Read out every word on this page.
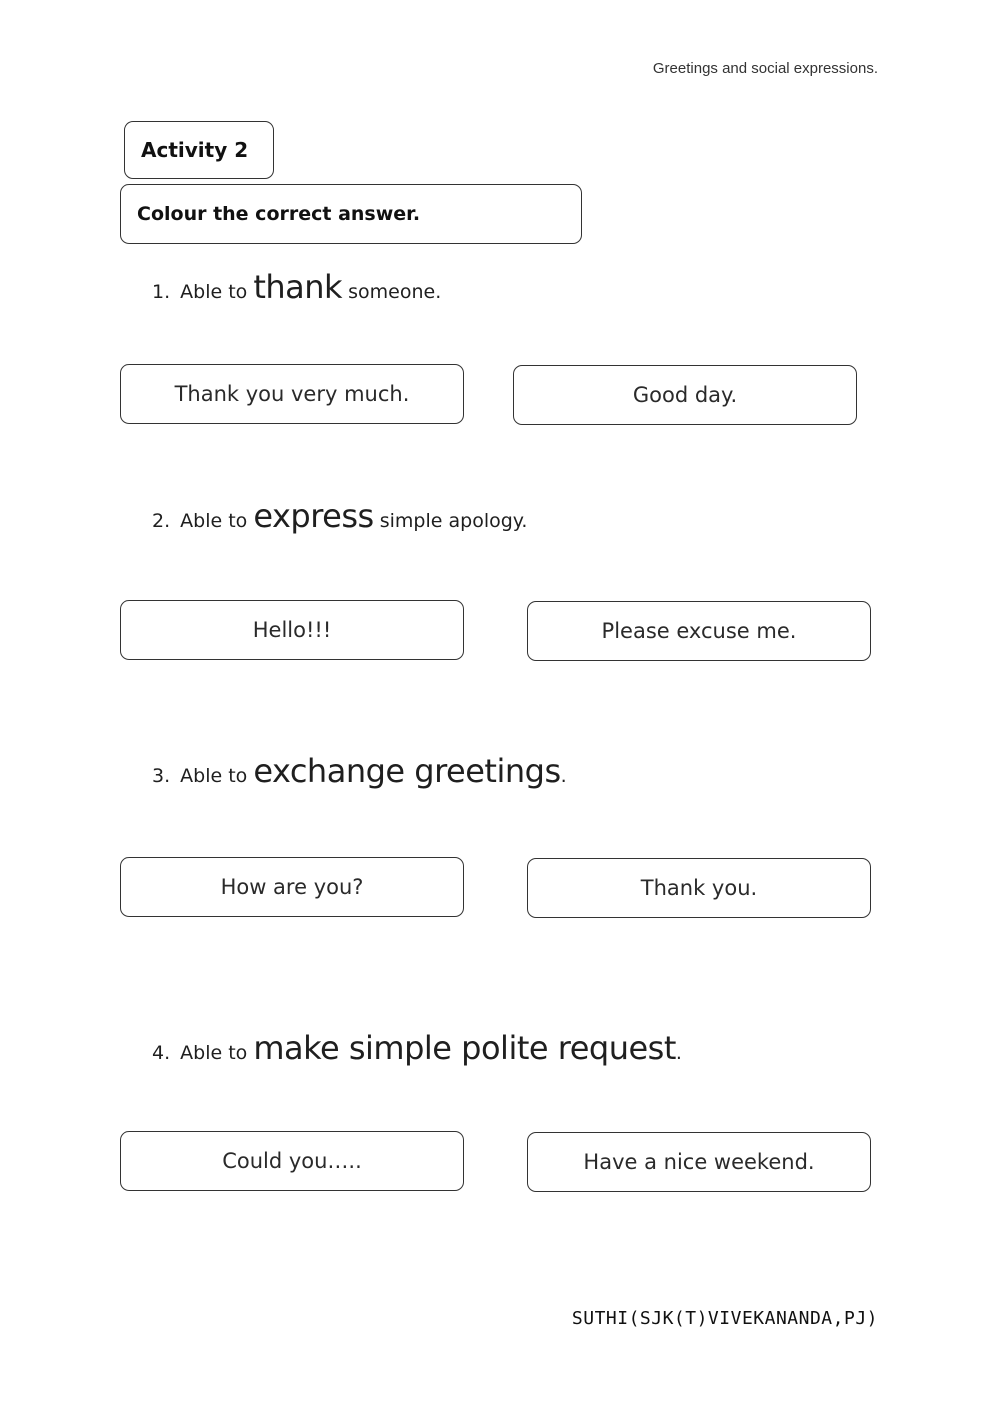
Greetings and social expressions.
Activity 2
Colour the correct answer.
1. Able to thank someone.
Thank you very much.	Good day.
2. Able to express simple apology.
Hello!!!	Please excuse me.
3. Able to exchange greetings.
How are you?	Thank you.
4. Able to make simple polite request.
Could you…..	Have a nice weekend.
SUTHI(SJK(T)VIVEKANANDA,PJ)
